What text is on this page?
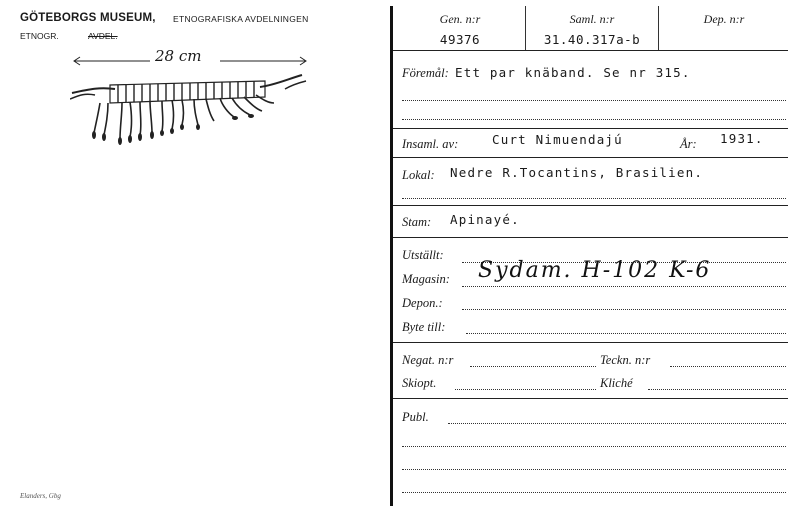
GÖTEBORGS MUSEUM, ETNOGRAFISKA AVDELNINGEN
ETNOGR.	AVDEL.
28 cm
Elanders, Gbg
Gen. n:r
49376
Saml. n:r
31.40.317a-b
Dep. n:r
Föremål: Ett par knäband. Se nr 315.
Insaml. av:	Curt Nimuendajú	År: 1931.
Lokal: Nedre R.Tocantins, Brasilien.
Stam: Apinayé.
Utställt:
Magasin: Sydam. H-102 K-6
Depon.:
Byte till:
Negat. n:r	Teckn. n:r
Skiopt.	Kliché
Publ.
